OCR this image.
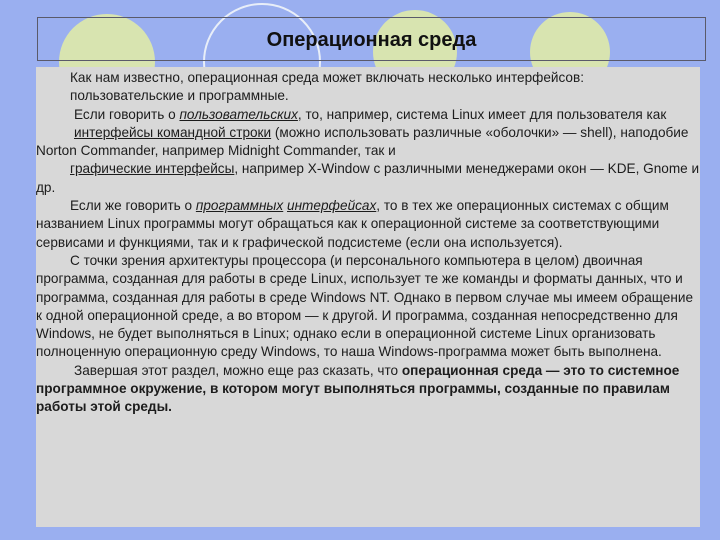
Операционная среда

Как нам известно, операционная среда может включать несколько интерфейсов:
пользовательские и программные.

Если говорить о пользовательских, то, например, система Linux имеет для пользователя как

интерфейсы командной строки (можно использовать различные «оболочки» — shell), наподобие Norton Commander, например Midnight Commander, так и

графические интерфейсы, например X-Window с различными менеджерами окон — KDE, Gnome и др.

Если же говорить о программных интерфейсах, то в тех же операционных системах с общим названием Linux программы могут обращаться как к операционной системе за соответствующими сервисами и функциями, так и к графической подсистеме (если она используется).

С точки зрения архитектуры процессора (и персонального компьютера в целом) двоичная программа, созданная для работы в среде Linux, использует те же команды и форматы данных, что и программа, созданная для работы в среде Windows NT. Однако в первом случае мы имеем обращение к одной операционной среде, а во втором — к другой. И программа, созданная непосредственно для Windows, не будет выполняться в Linux; однако если в операционной системе Linux организовать полноценную операционную среду Windows, то наша Windows-программа может быть выполнена.

Завершая этот раздел, можно еще раз сказать, что операционная среда — это то системное программное окружение, в котором могут выполняться программы, созданные по правилам работы этой среды.
